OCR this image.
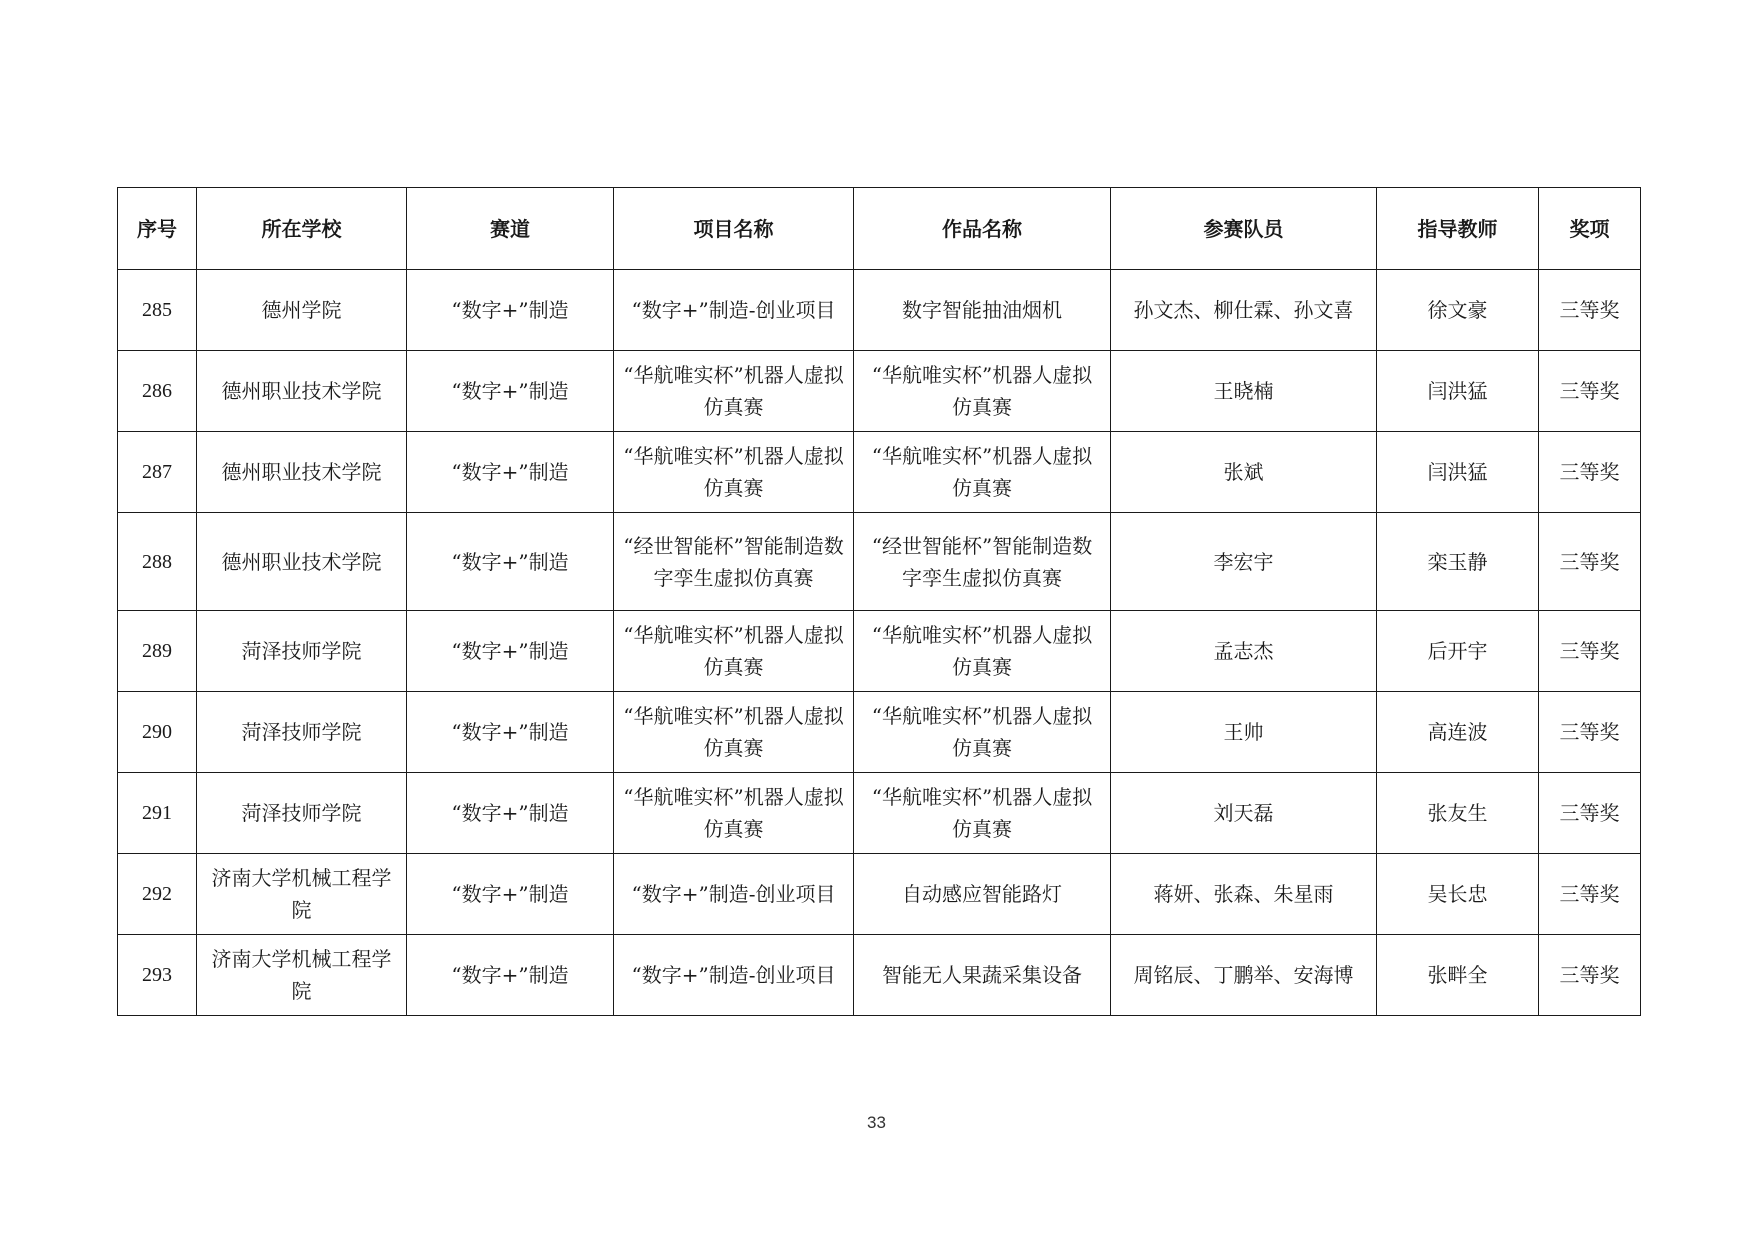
序号	所在学校	赛道	项目名称	作品名称	参赛队员	指导教师	奖项
285	德州学院	“数字+”制造	“数字+”制造-创业项目	数字智能抽油烟机	孙文杰、柳仕霖、孙文喜	徐文豪	三等奖
286	德州职业技术学院	“数字+”制造	“华航唯实杯”机器人虚拟仿真赛	“华航唯实杯”机器人虚拟仿真赛	王晓楠	闫洪猛	三等奖
287	德州职业技术学院	“数字+”制造	“华航唯实杯”机器人虚拟仿真赛	“华航唯实杯”机器人虚拟仿真赛	张斌	闫洪猛	三等奖
288	德州职业技术学院	“数字+”制造	“经世智能杯”智能制造数字孪生虚拟仿真赛	“经世智能杯”智能制造数字孪生虚拟仿真赛	李宏宇	栾玉静	三等奖
289	菏泽技师学院	“数字+”制造	“华航唯实杯”机器人虚拟仿真赛	“华航唯实杯”机器人虚拟仿真赛	孟志杰	后开宇	三等奖
290	菏泽技师学院	“数字+”制造	“华航唯实杯”机器人虚拟仿真赛	“华航唯实杯”机器人虚拟仿真赛	王帅	高连波	三等奖
291	菏泽技师学院	“数字+”制造	“华航唯实杯”机器人虚拟仿真赛	“华航唯实杯”机器人虚拟仿真赛	刘天磊	张友生	三等奖
292	济南大学机械工程学院	“数字+”制造	“数字+”制造-创业项目	自动感应智能路灯	蒋妍、张森、朱星雨	吴长忠	三等奖
293	济南大学机械工程学院	“数字+”制造	“数字+”制造-创业项目	智能无人果蔬采集设备	周铭辰、丁鹏举、安海博	张畔全	三等奖
33
